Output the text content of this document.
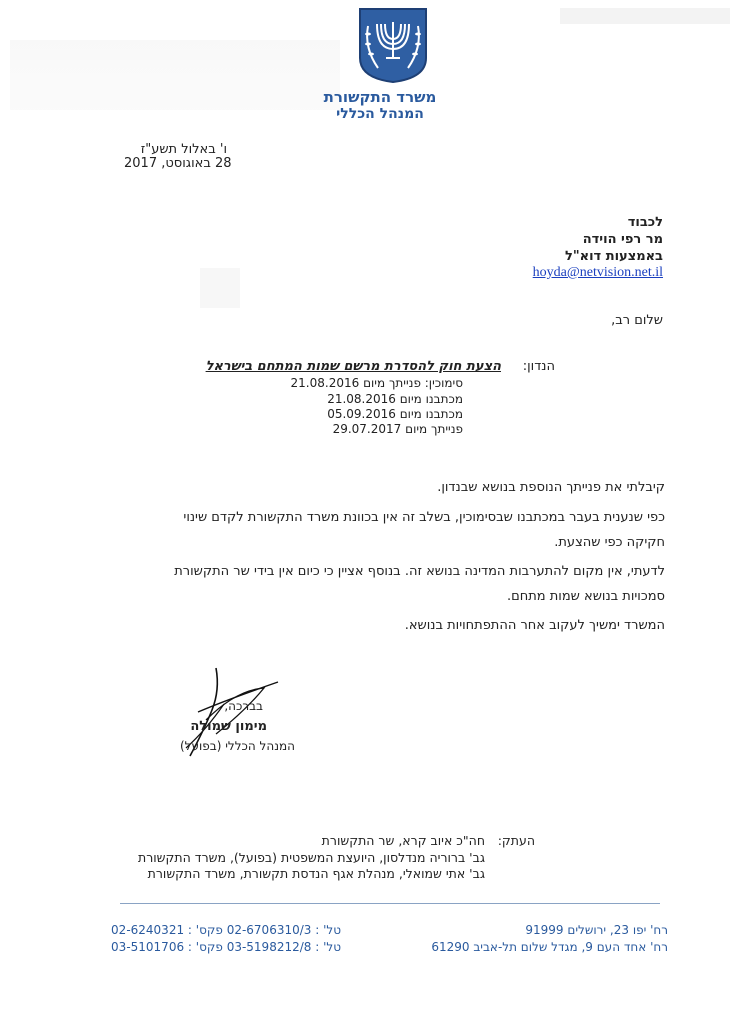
משרד התקשורת
המנהל הכללי
ו' באלול תשע"ז
28 באוגוסט, 2017
לכבוד
מר רפי הוידה
באמצעות דוא"ל
hoyda@netvision.net.il
שלום רב,
הנדון:
הצעת חוק להסדרת מרשם שמות המתחם בישראל
סימוכין: פנייתך מיום 21.08.2016
מכתבנו מיום 21.08.2016
מכתבנו מיום 05.09.2016
פנייתך מיום 29.07.2017
קיבלתי את פנייתך הנוספת בנושא שבנדון.
כפי שנענית בעבר במכתבנו שבסימוכין, בשלב זה אין בכוונת משרד התקשורת לקדם שינוי
חקיקה כפי שהצעת.
לדעתי, אין מקום להתערבות המדינה בנושא זה. בנוסף אציין כי כיום אין בידי שר התקשורת
סמכויות בנושא שמות מתחם.
המשרד ימשיך לעקוב אחר ההתפתחויות בנושא.
בברכה,
מימון שמולה
המנהל הכללי (בפועל)
העתק:
חה"כ איוב קרא, שר התקשורת
גב' ברוריה מנדלסון, היועצת המשפטית (בפועל), משרד התקשורת
גב' אתי שמואלי, מנהלת אגף הנדסת תקשורת, משרד התקשורת
רח' יפו 23, ירושלים 91999
טל' : 02-6706310/3 פקס' : 02-6240321
רח' אחד העם 9, מגדל שלום תל-אביב 61290
טל' : 03-5198212/8 פקס' : 03-5101706
